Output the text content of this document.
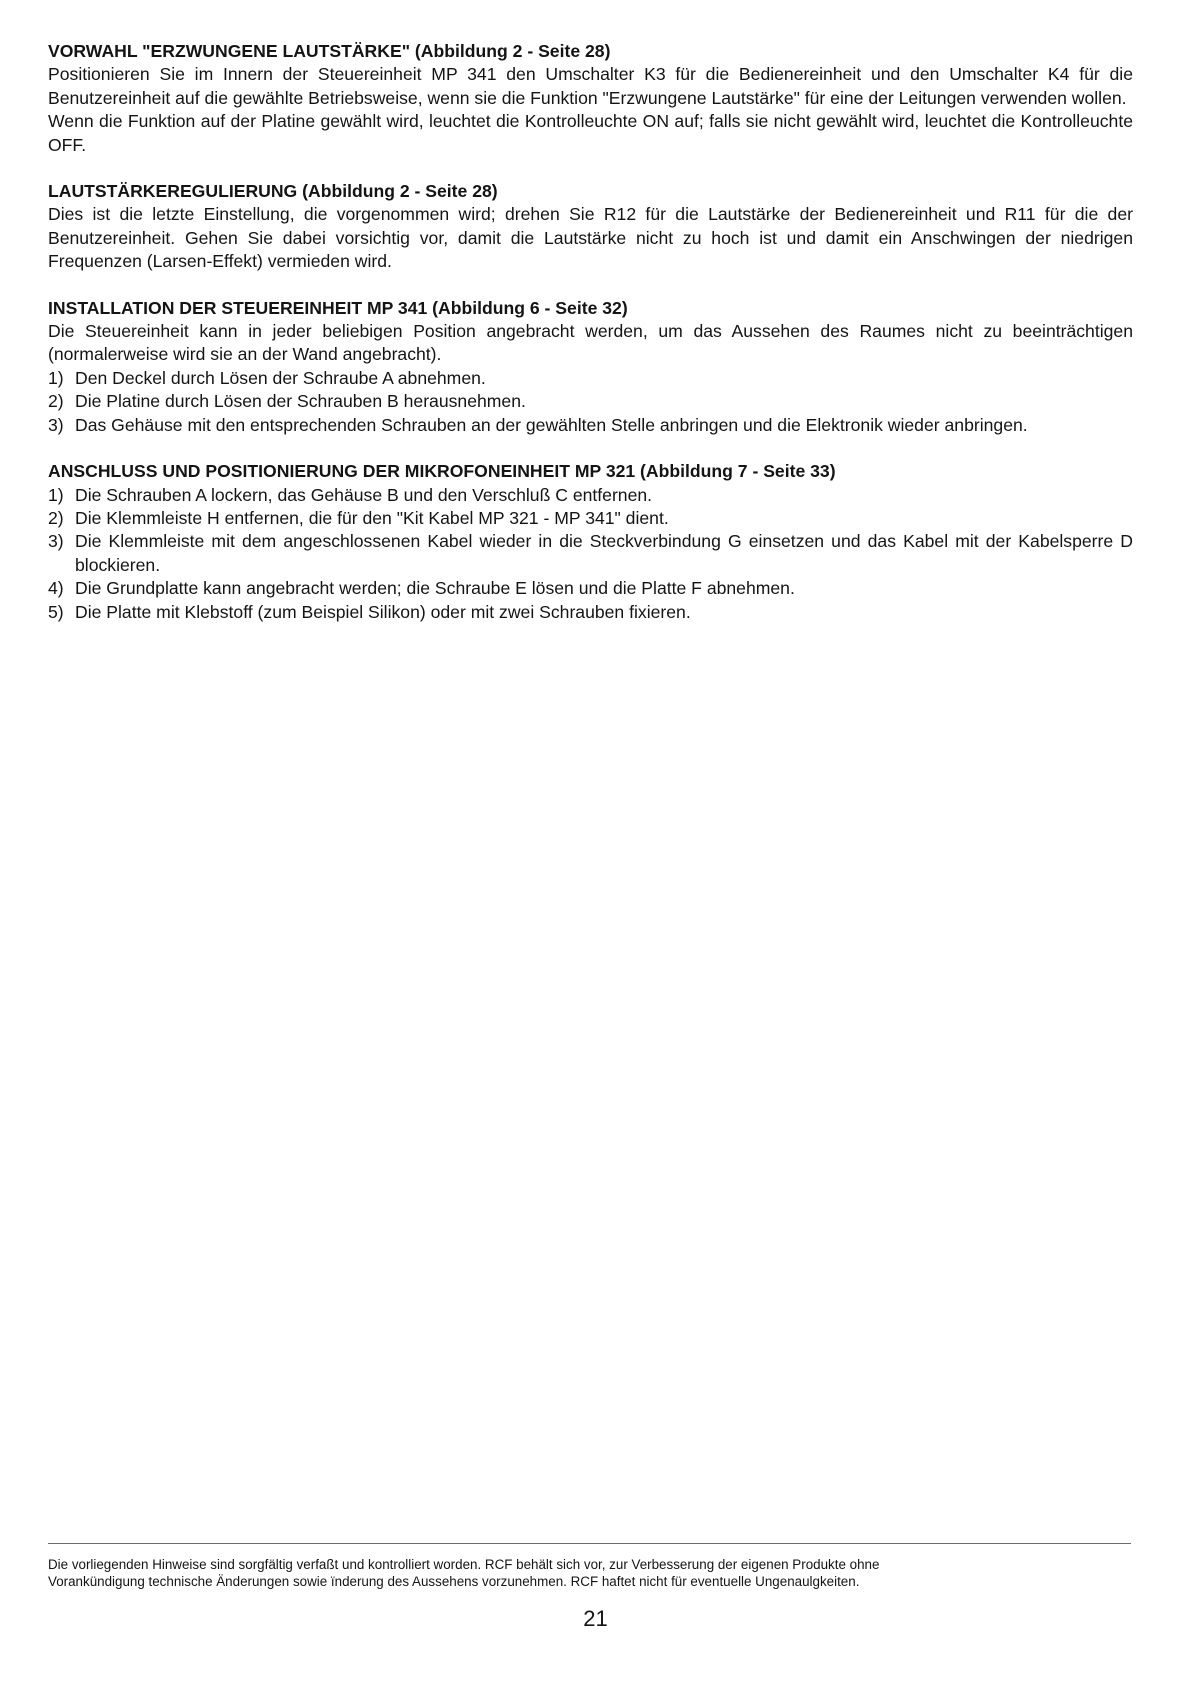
VORWAHL "ERZWUNGENE LAUTSTÄRKE" (Abbildung 2 - Seite 28)

Positionieren Sie im Innern der Steuereinheit MP 341 den Umschalter K3 für die Bedienereinheit und den Umschalter K4 für die Benutzereinheit auf die gewählte Betriebsweise, wenn sie die Funktion "Erzwungene Lautstärke" für eine der Leitungen verwenden wollen.

Wenn die Funktion auf der Platine gewählt wird, leuchtet die Kontrolleuchte ON auf; falls sie nicht gewählt wird, leuchtet die Kontrolleuchte OFF.

LAUTSTÄRKEREGULIERUNG (Abbildung 2 - Seite 28)

Dies ist die letzte Einstellung, die vorgenommen wird; drehen Sie R12 für die Lautstärke der Bedienereinheit und R11 für die der Benutzereinheit. Gehen Sie dabei vorsichtig vor, damit die Lautstärke nicht zu hoch ist und damit ein Anschwingen der niedrigen Frequenzen (Larsen-Effekt) vermieden wird.

INSTALLATION DER STEUEREINHEIT MP 341 (Abbildung 6 - Seite 32)

Die Steuereinheit kann in jeder beliebigen Position angebracht werden, um das Aussehen des Raumes nicht zu beeinträchtigen (normalerweise wird sie an der Wand angebracht).

1) Den Deckel durch Lösen der Schraube A abnehmen.
2) Die Platine durch Lösen der Schrauben B herausnehmen.
3) Das Gehäuse mit den entsprechenden Schrauben an der gewählten Stelle anbringen und die Elektronik wieder anbringen.

ANSCHLUSS UND POSITIONIERUNG DER MIKROFONEINHEIT MP 321 (Abbildung 7 - Seite 33)

1) Die Schrauben A lockern, das Gehäuse B und den Verschluß C entfernen.
2) Die Klemmleiste H entfernen, die für den "Kit Kabel MP 321 - MP 341" dient.
3) Die Klemmleiste mit dem angeschlossenen Kabel wieder in die Steckverbindung G einsetzen und das Kabel mit der Kabelsperre D blockieren.
4) Die Grundplatte kann angebracht werden; die Schraube E lösen und die Platte F abnehmen.
5) Die Platte mit Klebstoff (zum Beispiel Silikon) oder mit zwei Schrauben fixieren.

Die vorliegenden Hinweise sind sorgfältig verfaßt und kontrolliert worden. RCF behält sich vor, zur Verbesserung der eigenen Produkte ohne
Vorankündigung technische Änderungen sowie ïnderung des Aussehens vorzunehmen. RCF haftet nicht für eventuelle Ungenaulgkeiten.

21
